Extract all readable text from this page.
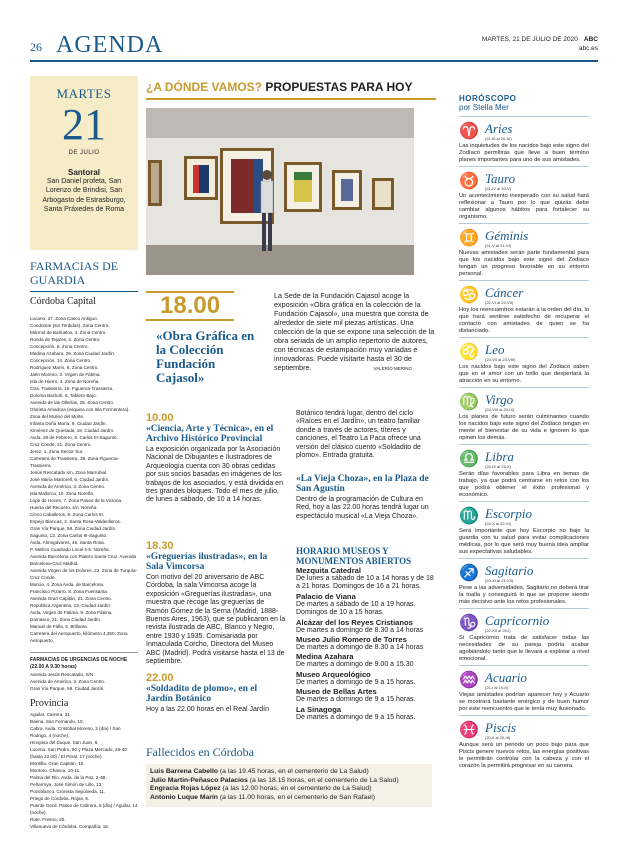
26 AGENDA	MARTES, 21 DE JULIO DE 2020 ABC
abc.es
MARTES
21
DE JULIO
Santoral
San Daniel profeta, San Lorenzo de Brindisi, San Arbogasto de Estrasburgo, Santa Práxedes de Roma
FARMACIAS DE GUARDIA
Córdoba Capital

Lucano, 37. Zona Casco Antiguo.

Condomar (sin Terdidas). Zona Centro.

Mármol de Bañuelos, 4. Zona Centro.

Ronda de Tejares, 2. Zona Centro.

Concepción, 6. Zona Centro.

Medina Azahara, 29. Zona Ciudad Jardín.

Concepción, 14. Zona Centro.

Rodríguez Marín, 6. Zona Centro.

Jaén Moreno, 3. Virgen de Fátima.

Isla de Hierro, 4. Zona de Noreña.

Ctra. Trassierra, 16. Figueroa-Trassierra.

Doloma Baclurti, 6. Tablero Bajo.

Avenida de las Ollerías, 25. Zona Centro.

Glorieta Amadora (esquina con Isla Formentera). Zona del Molino del Morte.

Infanta Doña María, 9. Ciudad Jardín.

Ximénez de Quesada, 19. Ciudad Jardín.

Avda. 28 de Febrero, 6. Carlos III-Sagunto.

Cruz Conde, 21. Zona Centro.

Jerez, 1. Zona Sector Sur.

Carretera de Trassierra, 38. Zona Figueroa-Trassierra.

Jesús Rescatado s/n. Zona Marrubial.

José María Martorell, 6. Ciudad Jardín.

Avenida de América, 3. Zona Centro.

Isla Mallorca, 10. Zona Noreña.

Lope de Hoces, 7. Zona Paseo de la Victoria.

Huerta del Recuero, s/n. Noreña.

Cinco Caballeros, 9. Zona Carlos III.

Espejo Blancas, 2. Santa Rosa-Valdeolleros.

Gran Vía Parque, 58. Zona Ciudad Jardín.

Sagunto, 13. Zona Carlos III-Sagunto.

Avda. Almogávares, 46. Santa Rosa.

P. Mellico Cuadrado Local 4-5. Noreña.

Avenida Barcelona con Platero Santa Cruz. Avenida Barcelona-Cruz Madrid.

Avenida Virgen de los Dolores, 23. Zona de Turquía-Cruz Conde.

Murcia, 4. Zona Avda. de Barcelona.

Francisco Pizarro, 8. Zona Fuensanta.

Avenida Gran Capitán, 21. Zona Centro.

República Argentina, 13. Ciudad Jardín.

Avda. Virgen de Fátima, 9. Zona Fátima.

Damasco, 21. Zona Ciudad Jardín.

Manuel de Falla, 6. Brillante.

Carretera del Aeropuerto, kilómetro 4,250. Zona Aeropuerto.

FARMACIAS DE URGENCIAS DE NOCHE (22.00 A 9.30 horas)

Avenida Jesús Rescatado, S/N

Avenida de América, 3. Zona Centro.

Gran Vía Parque, 59. Ciudad Jardín.

Provincia

Aguilar. Carrera, 31.

Baena. San Fernando, 10.

Cabra. Avda. Cristóbal Moreno, 2 (día) / San Rodrigo, 4 (noche).

Hinojosa del Duque. San Juan, 8.

Lucena. San Pedro, 90 y Plaza Mercado, 26-40 (hasta 22.00) / El Peral, 17 (noche).

Montilla. Gran Capitán, 16.

Montoro. Chanca, 10-11.

Palma del Río. Avda. de la Paz, 2-4B.

Peñarroya. José Simón de Lillo, 13.

Pozoblanco. Cronista Sepúlveda, 11.

Priego de Córdoba. Rojas, 5.

Puente Genil. Paseo de Cabrera, 6 (día) / Aguilar, 14 (noche).

Rute. Fresno, 20.

Villanueva de Córdoba. Compañía, 16.

¿A DÓNDE VAMOS? PROPUESTAS PARA HOY
VALERIO MERINO
18.00
«Obra Gráfica en la Colección Fundación Cajasol»
La Sede de la Fundación Cajasol acoge la exposición «Obra gráfica en la colección de la Fundación Cajasol», una muestra que consta de alrededor de siete mil piezas artísticas. Una colección de la que se expone una selección de la obra seriada de un amplio repertorio de autores, con técnicas de estampación muy variadas e innovadoras. Puede visitarte hasta el 30 de septiembre.
10.00
«Ciencia, Arte y Técnica», en el Archivo Histórico Provincial
La exposición organizada por la Asociación Nacional de Dibujantes e Ilustradores de Arqueología cuenta con 30 obras cedidas por sus socios basadas en imágenes de los trabajos de los asociados, y está dividida en tres grandes bloques. Todo el mes de julio, de lunes a sábado, de 10 a 14 horas.
18.30
«Greguerías ilustradas», en la Sala Vimcorsa
Con motivo del 20 aniversario de ABC Córdoba, la sala Vimcorsa acoge la exposición «Greguerías ilustradas», una muestra que recoge las greguerías de Ramón Gómez de la Serna (Madrid, 1888-Buenos Aires, 1963), que se publicaron en la revista ilustrada de ABC, Blanco y Negro, entre 1930 y 1935. Comisariada por Inmaculada Corcho, Directora del Museo ABC (Madrid). Podrá visitarse hasta el 13 de septiembre.
22.00
«Soldadito de plomo», en el Jardín Botánico
Hoy a las 22.00 horas en el Real Jardín
Botánico tendrá lugar, dentro del ciclo «Raíces en el Jardín», un teatro familiar donde a través de actores, títeres y canciones, el Teatro La Paca ofrece una versión del clásico cuento «Soldadito de plomo». Entrada gratuita.
«La Vieja Choza», en la Plaza de San Agustín
Dentro de la programación de Cultura en Red, hoy a las 22.00 horas tendrá lugar un espectáculo musical «La Vieja Choza».
HORARIO MUSEOS Y MONUMENTOS ABIERTOS
Mezquita Catedral
De lunes a sábado de 10 a 14 horas y de 18 a 21 horas. Domingos de 16 a 21 horas.
Palacio de Viana
De martes a sábado de 10 a 19 horas. Domingos de 10 a 15 horas.
Alcázar del los Reyes Cristianos
De martes a domingo de 8.30 a 14 horas
Museo Julio Romero de Torres
De martes a domingo de 8.30 a 14 horas
Medina Azahara
De martes a domingo de 9.00 a 15.30
Museo Arqueológico
De martes a domingo de 9 a 15 horas.
Museo de Bellas Artes
De martes a domingo de 9 a 15 horas.
La Sinagoga
De martes a domingo de 9 a 15 horas.
Fallecidos en Córdoba
Luis Barrena Cabello (a las 19.45 horas, en el cementerio de La Salud)
Julio Martín-Peñasco Palacios (a las 18.15 horas, en el cementerio de La Salud)
Engracia Rojas López (a las 12.00 horas, en el cementerio de La Salud)
Antonio Luque Marín (a las 11.00 horas, en el cementerio de San Rafael)
HORÓSCOPO
por Stella Mer
♈ Aries
(21-III al 20-IV)
Las inquietudes de los nacidos bajo este signo del Zodíaco permitirás que lleve a buen término planes importantes para uno de sus amistades.
♉ Tauro
(21-IV al 20-V)
Un acontecimiento inesperado con su salud hará reflexionar a Tauro por lo que quizás debe cambiar algunos hábitos para fortalecer su organismo.
♊ Géminis
(21-V al 21-VI)
Nuevas amistades serán parte fundamental para que los nacidos bajo este signo del Zodiaco tengan un progreso favorable en su entorno personal.
♋ Cáncer
(22-VI al 22-VII)
Hoy los reencuentros estarán a la orden del día, lo que hará sentirse satisfecho de recuperar el contacto con amistades de quien se ha distanciado.
♌ Leo
(23-VII al 23-VIII)
Los nacidos bajo este signo del Zodiaco saben que en el amor con un brillo que despertará la atracción en su entorno.
♍ Virgo
(24-VIII al 23-IX)
Los planes de futuro serán culminantes cuando los nacidos bajo este signo del Zodiaco tengan en mente el bienestar de su vida e ignoren lo que opinen los demás.
♎ Libra
(24-IX al 23-X)
Serán días favorables para Libra en temas de trabajo, ya que podrá centrarse en retos con los que podrá obtener el éxito profesional y económico.
♏ Escorpio
(24-X al 22-XI)
Será importante que hoy Escorpio no baje la guardia con tu salud para evitar complicaciones médicas, por lo que será muy buena idea ampliar sus expectativas saludables.
♐ Sagitario
(23-XI al 21-XII)
Pese a las adversidades, Sagitario no deberá tirar la toalla y conseguirá lo que se propone siendo más decisivo ante los retos profesionales.
♑ Capricornio
(22-XII al 20-I)
Si Capricornio trata de satisfacer todas las necesidades de su pareja podría acabar agobiándolo tanto que le llevará a explotar a nivel emocional.
♒ Acuario
(21-I al 19-II)
Viejas amistades podrían aparecer hoy y Acuario se mostrará bastante enérgico y de buen humor por este reencuentro que le tenía muy ilusionado.
♓ Piscis
(20-II al 20-III)
Aunque será un periodo un poco bajo para que Piscis genere nuevos retos, las energías positivas le permitirán controlar con la cabeza y con el corazón la permitirá progresar en su carrera.
